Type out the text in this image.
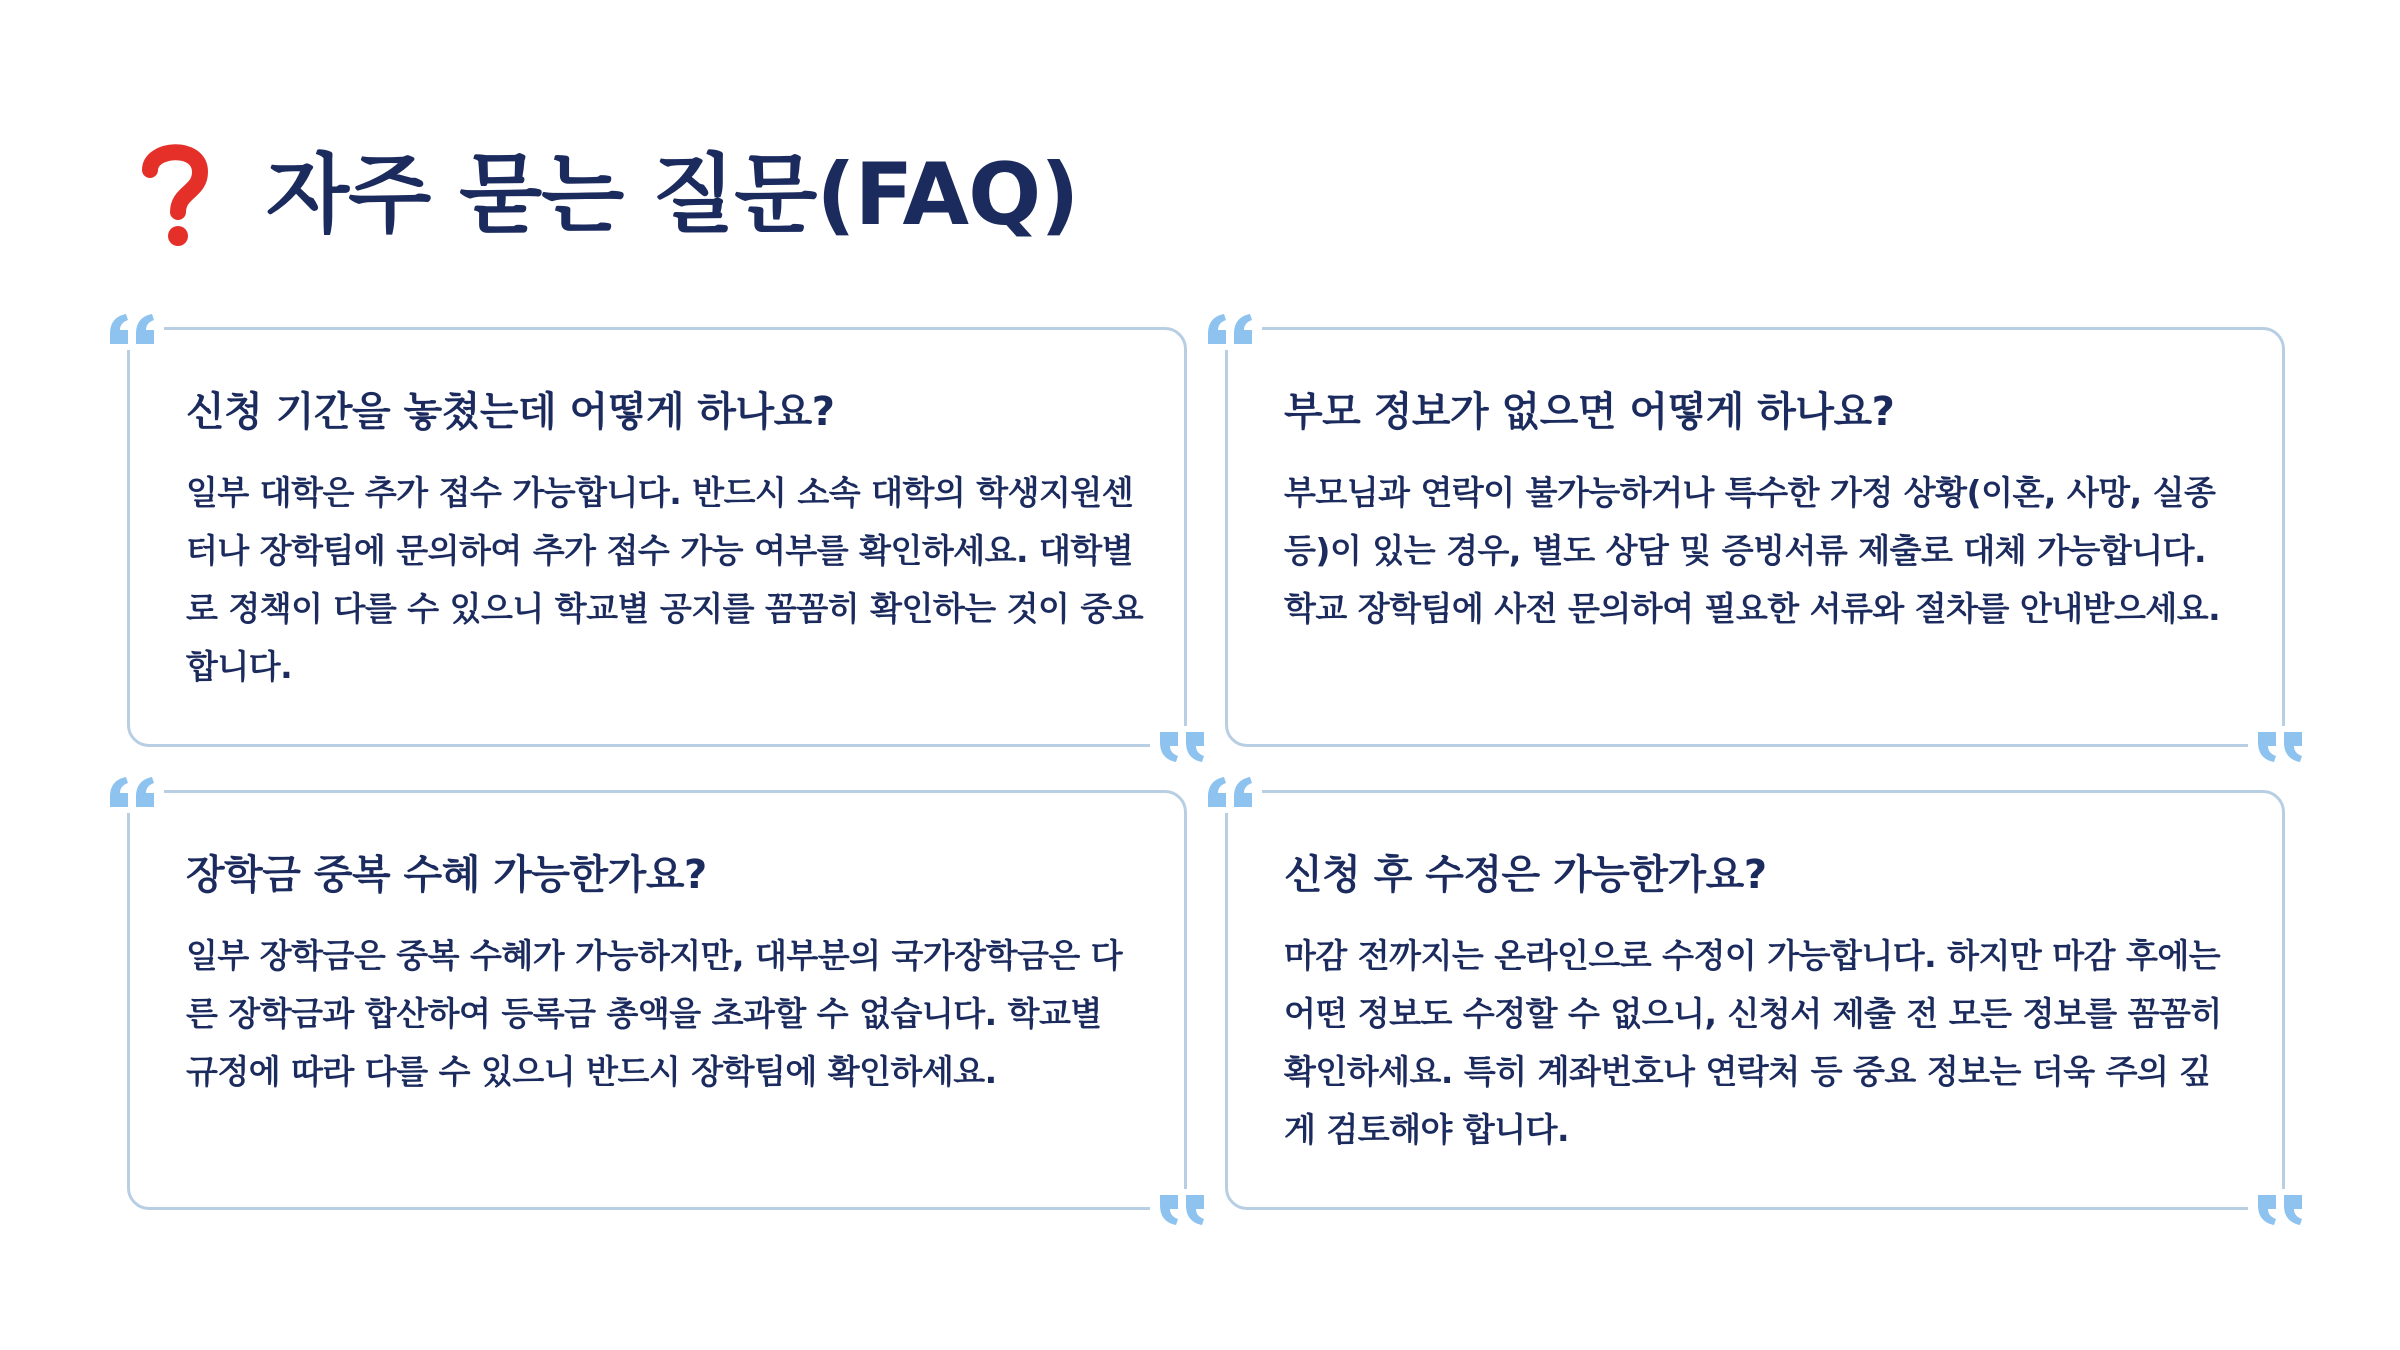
자주 묻는 질문(FAQ)

신청 기간을 놓쳤는데 어떻게 하나요?

일부 대학은 추가 접수 가능합니다. 반드시 소속 대학의 학생지원센터나 장학팀에 문의하여 추가 접수 가능 여부를 확인하세요. 대학별로 정책이 다를 수 있으니 학교별 공지를 꼼꼼히 확인하는 것이 중요합니다.

부모 정보가 없으면 어떻게 하나요?

부모님과 연락이 불가능하거나 특수한 가정 상황(이혼, 사망, 실종 등)이 있는 경우, 별도 상담 및 증빙서류 제출로 대체 가능합니다. 학교 장학팀에 사전 문의하여 필요한 서류와 절차를 안내받으세요.

장학금 중복 수혜 가능한가요?

일부 장학금은 중복 수혜가 가능하지만, 대부분의 국가장학금은 다른 장학금과 합산하여 등록금 총액을 초과할 수 없습니다. 학교별 규정에 따라 다를 수 있으니 반드시 장학팀에 확인하세요.

신청 후 수정은 가능한가요?

마감 전까지는 온라인으로 수정이 가능합니다. 하지만 마감 후에는 어떤 정보도 수정할 수 없으니, 신청서 제출 전 모든 정보를 꼼꼼히 확인하세요. 특히 계좌번호나 연락처 등 중요 정보는 더욱 주의 깊게 검토해야 합니다.
